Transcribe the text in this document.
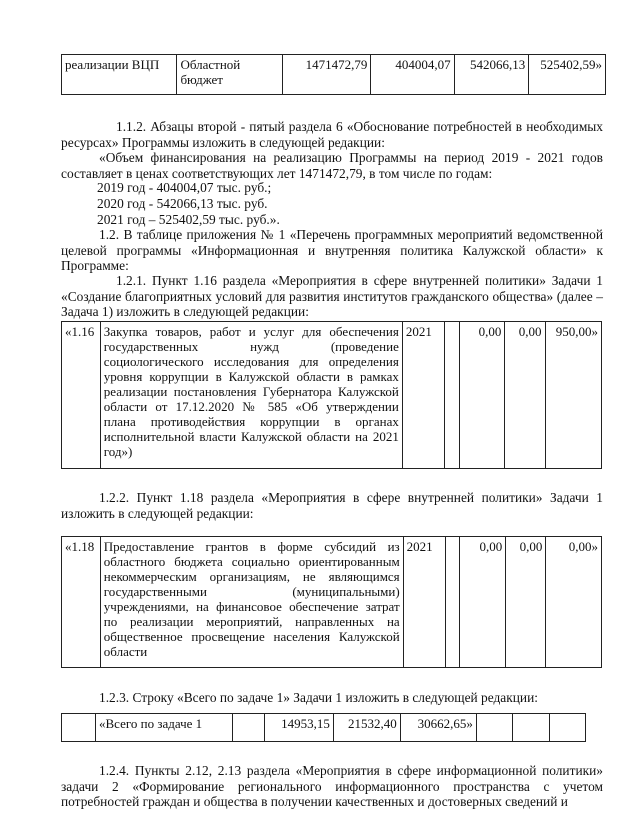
реализации ВЦП	Областной бюджет	1471472,79	404004,07	542066,13	525402,59»
1.1.2. Абзацы второй - пятый раздела 6 «Обоснование потребностей в необходимых ресурсах» Программы изложить в следующей редакции:
«Объем финансирования на реализацию Программы на период 2019 - 2021 годов составляет в ценах соответствующих лет 1471472,79, в том числе по годам:
2019 год - 404004,07 тыс. руб.;
2020 год - 542066,13 тыс. руб.
2021 год – 525402,59 тыс. руб.».
1.2. В таблице приложения № 1 «Перечень программных мероприятий ведомственной целевой программы «Информационная и внутренняя политика Калужской области» к Программе:
1.2.1. Пункт 1.16 раздела «Мероприятия в сфере внутренней политики» Задачи 1 «Создание благоприятных условий для развития институтов гражданского общества» (далее – Задача 1) изложить в следующей редакции:
«1.16	Закупка товаров, работ и услуг для обеспечения государственных нужд (проведение социологического исследования для определения уровня коррупции в Калужской области в рамках реализации постановления Губернатора Калужской области от 17.12.2020 № 585 «Об утверждении плана противодействия коррупции в органах исполнительной власти Калужской области на 2021 год»)	2021		0,00	0,00	950,00»
1.2.2. Пункт 1.18 раздела «Мероприятия в сфере внутренней политики» Задачи 1 изложить в следующей редакции:
«1.18	Предоставление грантов в форме субсидий из областного бюджета социально ориентированным некоммерческим организациям, не являющимся государственными (муниципальными) учреждениями, на финансовое обеспечение затрат по реализации мероприятий, направленных на общественное просвещение населения Калужской области	2021		0,00	0,00	0,00»
1.2.3. Строку «Всего по задаче 1» Задачи 1 изложить в следующей редакции:
	«Всего по задаче 1		14953,15	21532,40	30662,65»			
1.2.4. Пункты 2.12, 2.13 раздела «Мероприятия в сфере информационной политики» задачи 2 «Формирование регионального информационного пространства с учетом потребностей граждан и общества в получении качественных и достоверных сведений и
